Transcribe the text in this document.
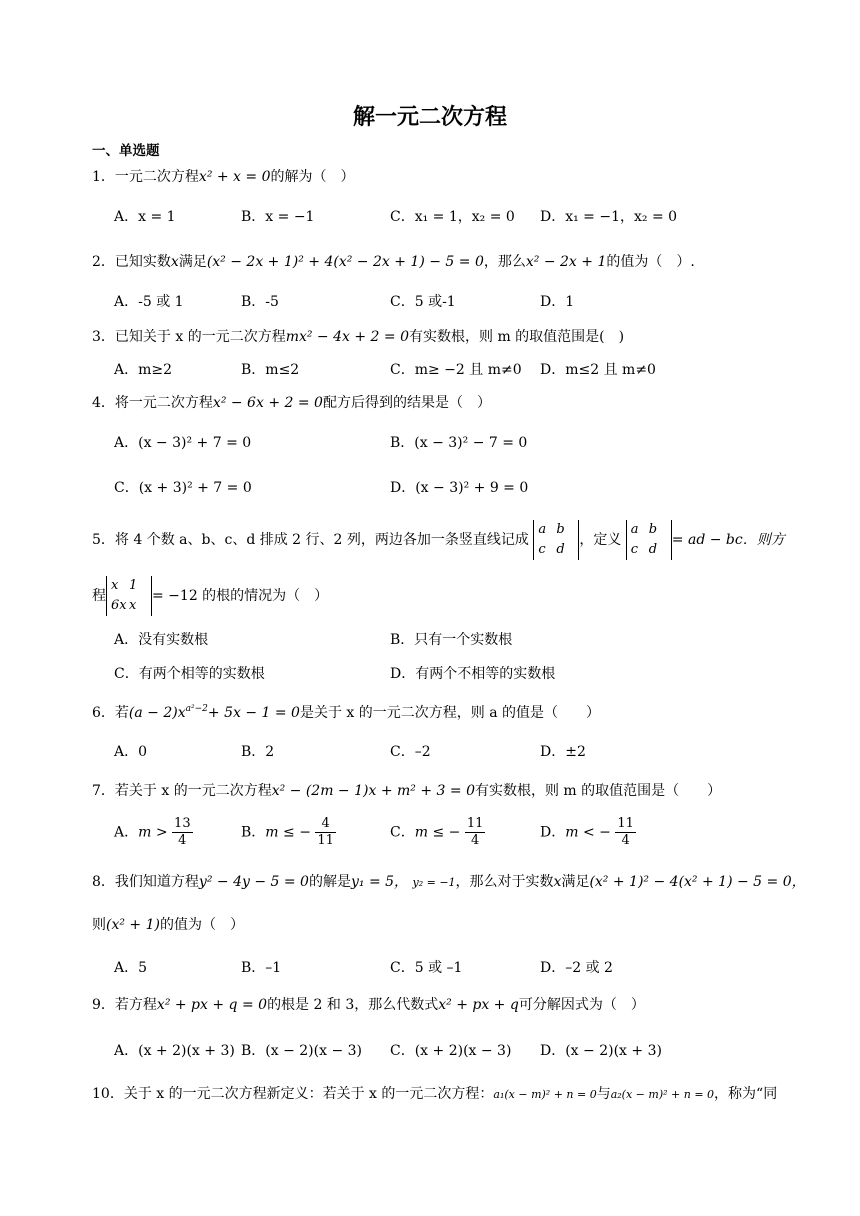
解一元二次方程
一、单选题
1．一元二次方程x² + x = 0的解为（　）
A．x = 1	B．x = −1	C．x₁ = 1，x₂ = 0 D．x₁ = −1，x₂ = 0
2．已知实数x满足(x² − 2x + 1)² + 4(x² − 2x + 1) − 5 = 0，那么x² − 2x + 1的值为（　）.
A．-5 或 1	B．-5	C．5 或-1	D．1
3．已知关于 x 的一元二次方程mx² − 4x + 2 = 0有实数根，则 m 的取值范围是(　)
A．m≥2	B．m≤2	C．m≥ −2 且 m≠0 D．m≤2 且 m≠0
4．将一元二次方程x² − 6x + 2 = 0配方后得到的结果是（　）
A．(x − 3)² + 7 = 0	B．(x − 3)² − 7 = 0
C．(x + 3)² + 7 = 0	D．(x − 3)² + 9 = 0
5．将 4 个数 a、b、c、d 排成 2 行、2 列，两边各加一条竖直线记成 a b
c d，定义 a b
c d= ad − bc．则方
程x 1
6x x= −12 的根的情况为（　）
A．没有实数根	B．只有一个实数根
C．有两个相等的实数根	D．有两个不相等的实数根
6．若$(a - 2)x^{a^2-2}+ 5x - 1 = 0$是关于 x 的一元二次方程，则 a 的值是（　　）
A．0	B．2	C．–2	D．±2
7．若关于 x 的一元二次方程x² − (2m − 1)x + m² + 3 = 0有实数根，则 m 的取值范围是（　　）
A．$m > \frac{13}{4}$	B．m ≤ − $\frac{4}{11}$	C．m ≤ − $\frac{11}{4}$	D．m < − $\frac{11}{4}$
8．我们知道方程y² − 4y − 5 = 0的解是y₁ = 5， y₂ = −1，那么对于实数x满足(x² + 1)² − 4(x² + 1) − 5 = 0，
则(x² + 1)的值为（　）
A．5	B．–1	C．5 或 –1	D．–2 或 2
9．若方程x² + px + q = 0的根是 2 和 3，那么代数式x² + px + q可分解因式为（　）
A．(x + 2)(x + 3) B．(x − 2)(x − 3) C．(x + 2)(x − 3) D．(x − 2)(x + 3)
10．关于 x 的一元二次方程新定义：若关于 x 的一元二次方程：a₁(x − m)² + n = 0与a₂(x − m)² + n = 0，称为“同
